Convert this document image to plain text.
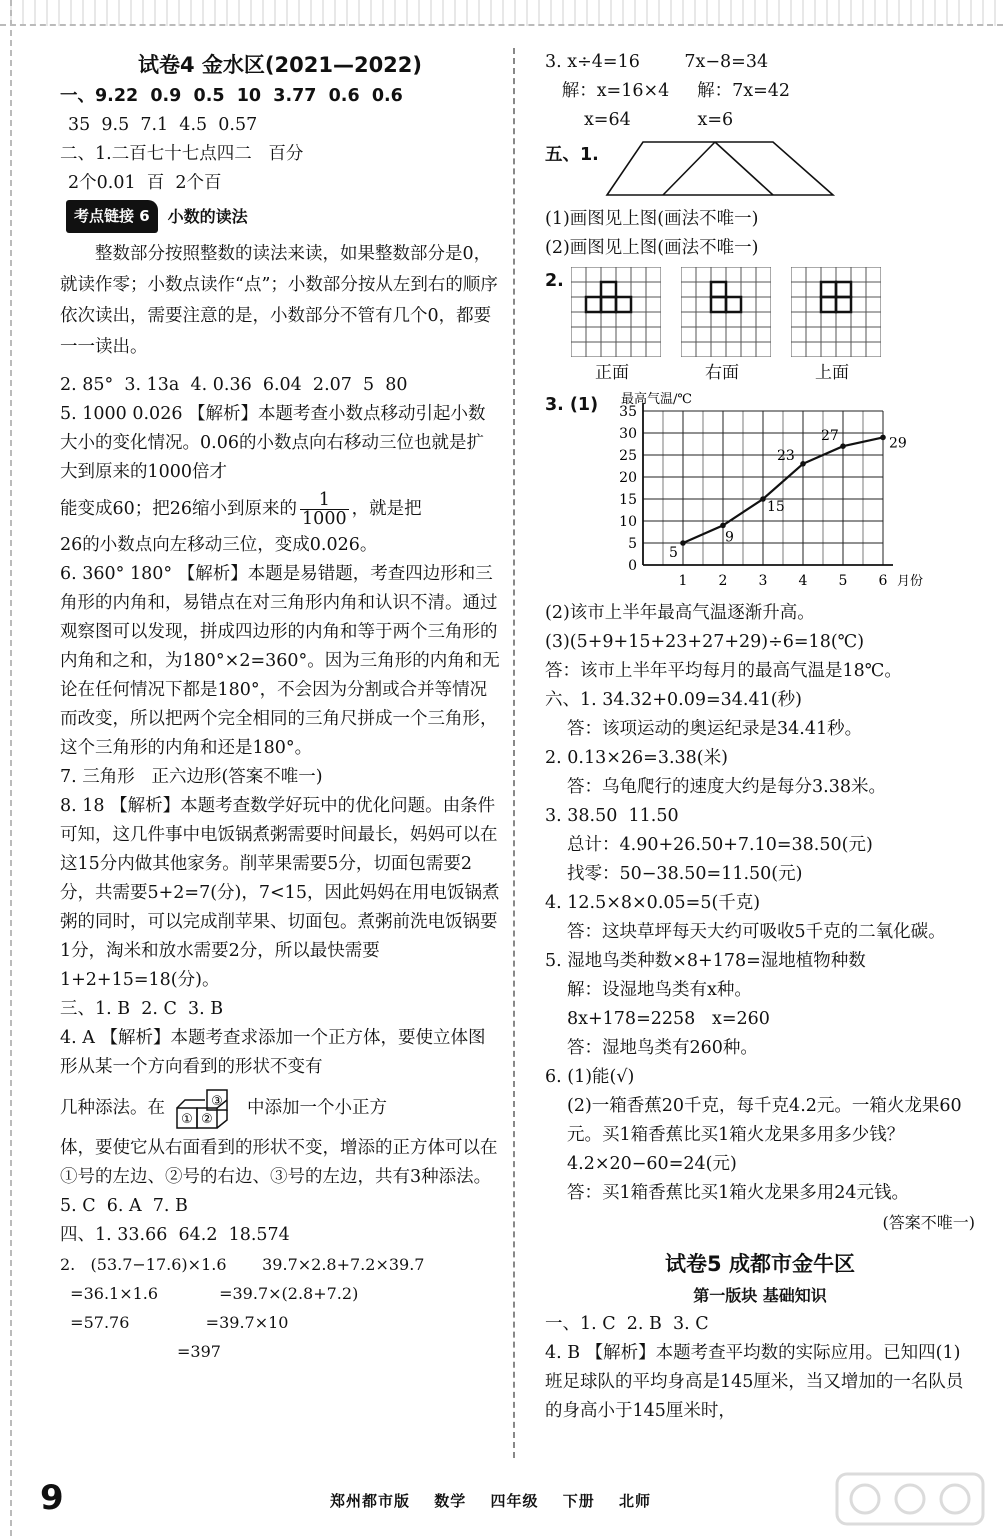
试卷4 金水区(2021—2022)
一、9.22  0.9  0.5  10  3.77  0.6  0.6
35  9.5  7.1  4.5  0.57
二、1.二百七十七点四二   百分
2个0.01  百  2个百
考点链接 6	小数的读法
整数部分按照整数的读法来读，如果整数部分是0，就读作零；小数点读作“点”；小数部分按从左到右的顺序依次读出，需要注意的是，小数部分不管有几个0，都要一一读出。
2. 85°  3. 13a  4. 0.36  6.04  2.07  5  80
5. 1000 0.026 【解析】本题考查小数点移动引起小数大小的变化情况。0.06的小数点向右移动三位也就是扩大到原来的1000倍才
能变成60；把26缩小到原来的 $\frac{1}{1000}$ ，就是把
26的小数点向左移动三位，变成0.026。
6. 360° 180° 【解析】本题是易错题，考查四边形和三角形的内角和，易错点在对三角形内角和认识不清。通过观察图可以发现，拼成四边形的内角和等于两个三角形的内角和之和，为180°×2=360°。因为三角形的内角和无论在任何情况下都是180°，不会因为分割或合并等情况而改变，所以把两个完全相同的三角尺拼成一个三角形，这个三角形的内角和还是180°。
7. 三角形   正六边形(答案不唯一)
8. 18 【解析】本题考查数学好玩中的优化问题。由条件可知，这几件事中电饭锅煮粥需要时间最长，妈妈可以在这15分内做其他家务。削苹果需要5分，切面包需要2分，共需要5+2=7(分)，7<15，因此妈妈在用电饭锅煮粥的同时，可以完成削苹果、切面包。煮粥前洗电饭锅要1分，淘米和放水需要2分，所以最快需要1+2+15=18(分)。
三、1. B  2. C  3. B
4. A 【解析】本题考查求添加一个正方体，要使立体图形从某一个方向看到的形状不变有
几种添法。在
① ②
③ 中添加一个小正方
体，要使它从右面看到的形状不变，增添的正方体可以在①号的左边、②号的右边、③号的左边，共有3种添法。
5. C  6. A  7. B
四、1. 33.66  64.2  18.574
2.   (53.7−17.6)×1.6       39.7×2.8+7.2×39.7
=36.1×1.6            =39.7×(2.8+7.2)
=57.76               =39.7×10
=397
3. x÷4=16        7x−8=34
解：x=16×4     解：7x=42
x=64            x=6
五、1.
(1)画图见上图(画法不唯一)
(2)画图见上图(画法不唯一)
2.
正面	右面	上面
3. (1) 最高气温/℃
0
5
10
15
20
25
30
35
1 2 3 4 5 6 月份
5
9
15
23
27	29
(2)该市上半年最高气温逐渐升高。
(3)(5+9+15+23+27+29)÷6=18(℃)
答：该市上半年平均每月的最高气温是18℃。
六、1. 34.32+0.09=34.41(秒)
答：该项运动的奥运纪录是34.41秒。
2. 0.13×26=3.38(米)
答：乌龟爬行的速度大约是每分3.38米。
3. 38.50  11.50
总计：4.90+26.50+7.10=38.50(元)
找零：50−38.50=11.50(元)
4. 12.5×8×0.05=5(千克)
答：这块草坪每天大约可吸收5千克的二氧化碳。
5. 湿地鸟类种数×8+178=湿地植物种数
解：设湿地鸟类有x种。
8x+178=2258   x=260
答：湿地鸟类有260种。
6. (1)能(√)
(2)一箱香蕉20千克，每千克4.2元。一箱火龙果60元。买1箱香蕉比买1箱火龙果多用多少钱？
4.2×20−60=24(元)
答：买1箱香蕉比买1箱火龙果多用24元钱。
(答案不唯一)
试卷5 成都市金牛区
第一版块 基础知识
一、1. C  2. B  3. C
4. B 【解析】本题考查平均数的实际应用。已知四(1)班足球队的平均身高是145厘米，当又增加的一名队员的身高小于145厘米时，
9	郑州都市版 数学 四年级 下册 北师
